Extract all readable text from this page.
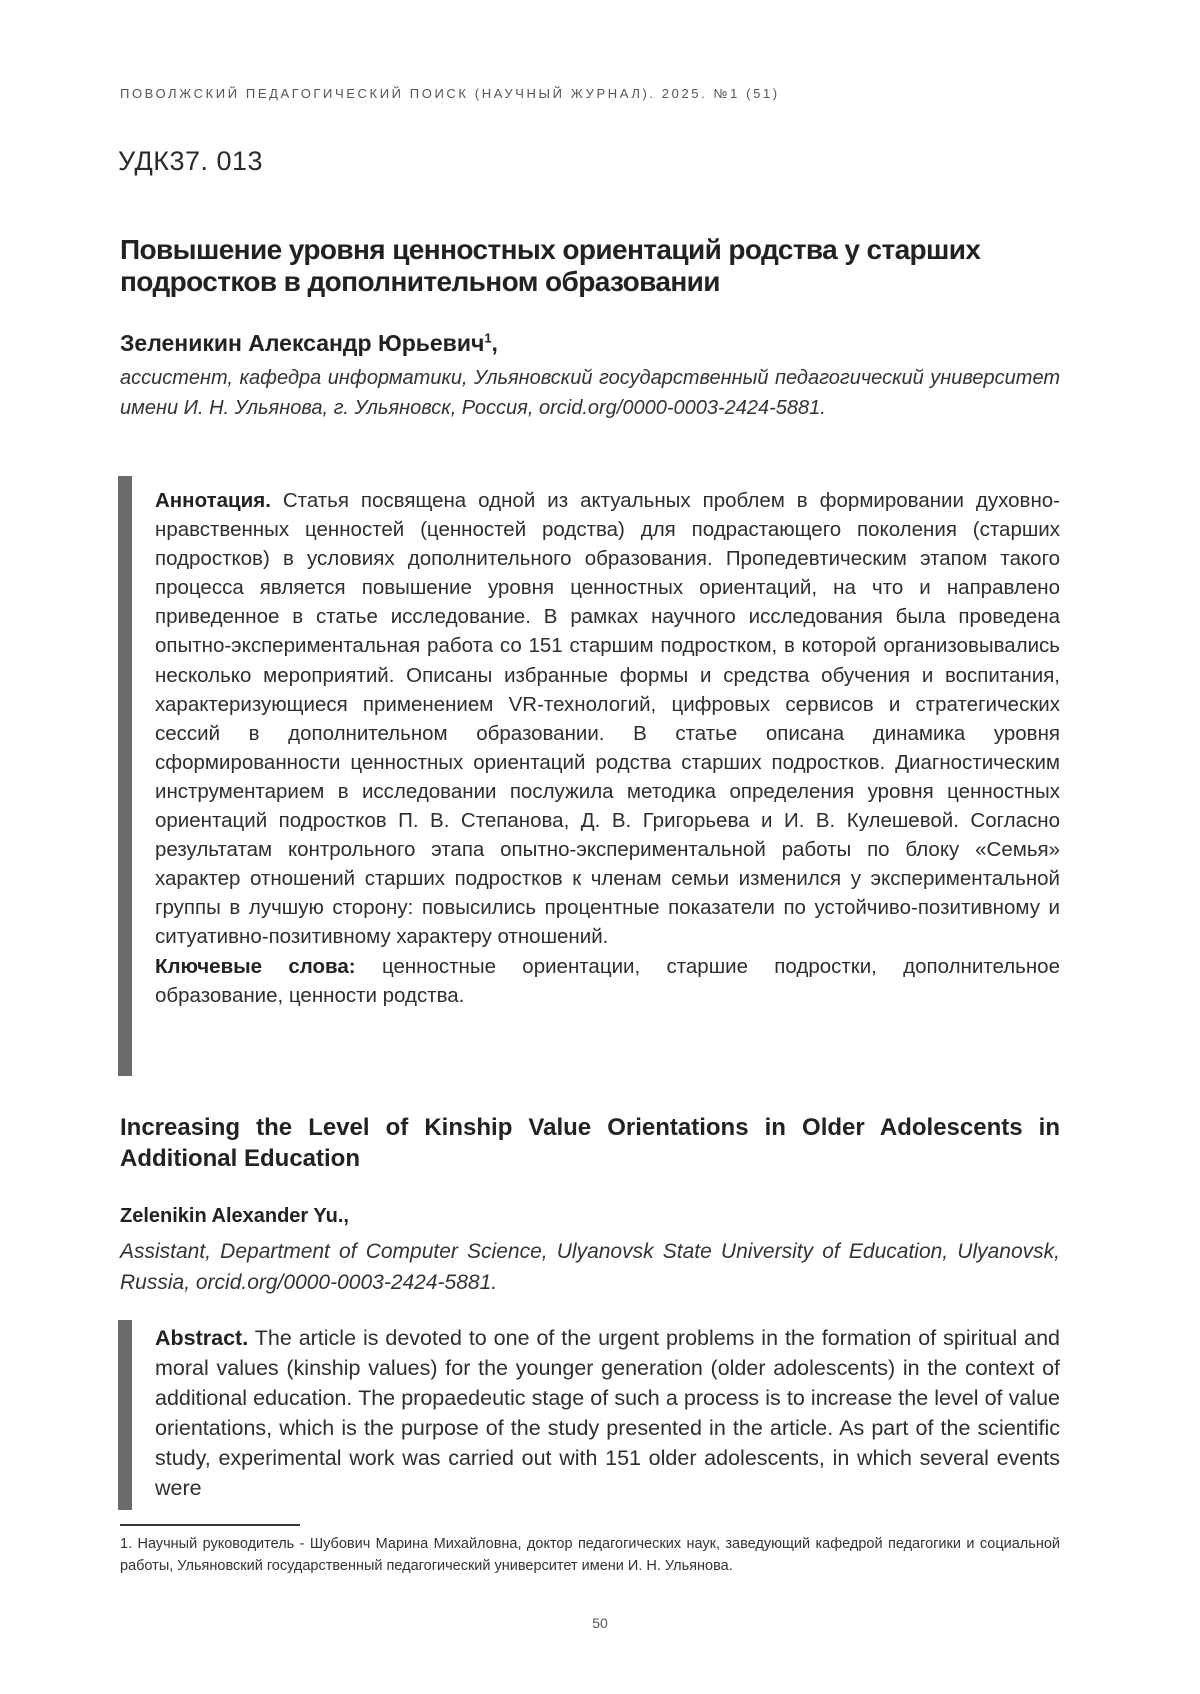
ПОВОЛЖСКИЙ ПЕДАГОГИЧЕСКИЙ ПОИСК (НАУЧНЫЙ ЖУРНАЛ). 2025. №1 (51)
УДК37. 013
Повышение уровня ценностных ориентаций родства у старших подростков в дополнительном образовании
Зеленикин Александр Юрьевич$^1$,
ассистент, кафедра информатики, Ульяновский государственный педагогический университет имени И. Н. Ульянова, г. Ульяновск, Россия, orcid.org/0000-0003-2424-5881.

Аннотация. Статья посвящена одной из актуальных проблем в формировании духовно-нравственных ценностей (ценностей родства) для подрастающего поколения (старших подростков) в условиях дополнительного образования. Пропедевтическим этапом такого процесса является повышение уровня ценностных ориентаций, на что и направлено приведенное в статье исследование. В рамках научного исследования была проведена опытно-экспериментальная работа со 151 старшим подростком, в которой организовывались несколько мероприятий. Описаны избранные формы и средства обучения и воспитания, характеризующиеся применением VR-технологий, цифровых сервисов и стратегических сессий в дополнительном образовании. В статье описана динамика уровня сформированности ценностных ориентаций родства старших подростков. Диагностическим инструментарием в исследовании послужила методика определения уровня ценностных ориентаций подростков П. В. Степанова, Д. В. Григорьева и И. В. Кулешевой. Согласно результатам контрольного этапа опытно-экспериментальной работы по блоку «Семья» характер отношений старших подростков к членам семьи изменился у экспериментальной группы в лучшую сторону: повысились процентные показатели по устойчиво-позитивному и ситуативно-позитивному характеру отношений.

Ключевые слова: ценностные ориентации, старшие подростки, дополнительное образование, ценности родства.

Increasing the Level of Kinship Value Orientations in Older Adolescents in Additional Education
Zelenikin Alexander Yu.,
Assistant, Department of Computer Science, Ulyanovsk State University of Education, Ulyanovsk, Russia, orcid.org/0000-0003-2424-5881.

Abstract. The article is devoted to one of the urgent problems in the formation of spiritual and moral values (kinship values) for the younger generation (older adolescents) in the context of additional education. The propaedeutic stage of such a process is to increase the level of value orientations, which is the purpose of the study presented in the article. As part of the scientific study, experimental work was carried out with 151 older adolescents, in which several events were

1. Научный руководитель - Шубович Марина Михайловна, доктор педагогических наук, заведующий кафедрой педагогики и социальной работы, Ульяновский государственный педагогический университет имени И. Н. Ульянова.
50
